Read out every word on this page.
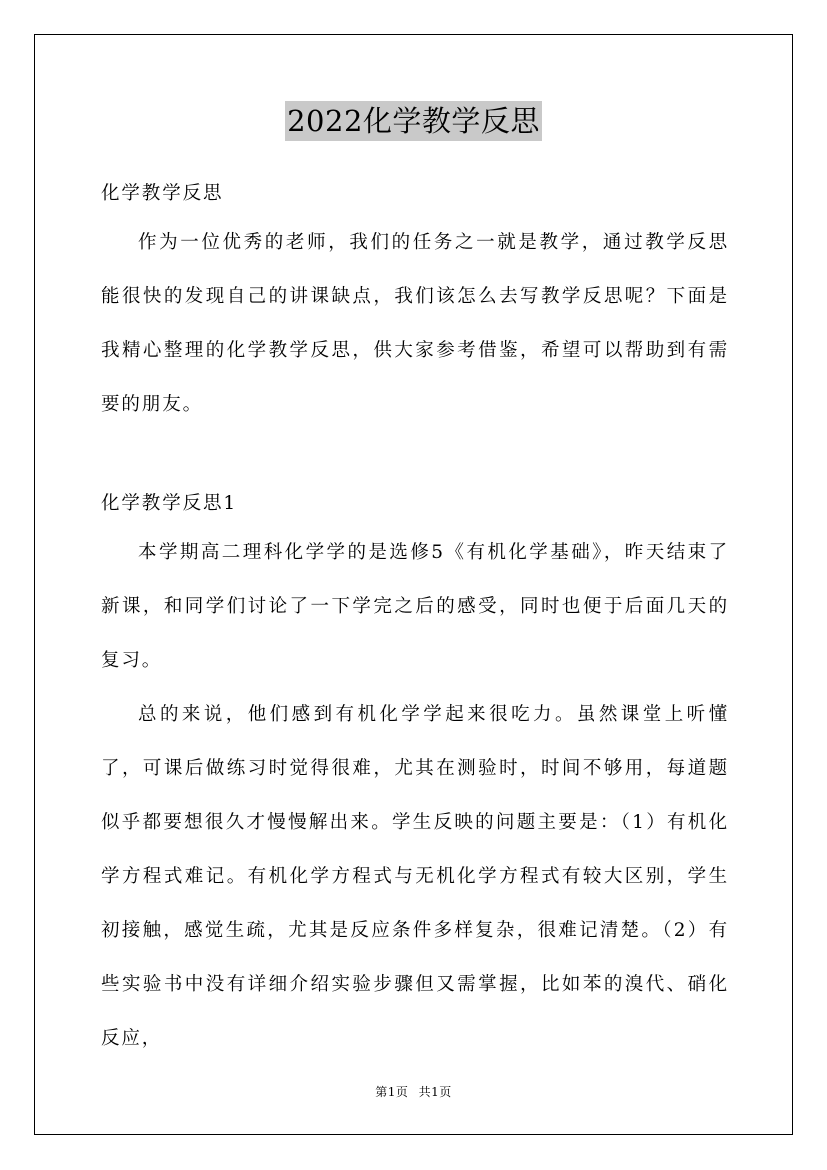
2022化学教学反思

化学教学反思

作为一位优秀的老师，我们的任务之一就是教学，通过教学反思能很快的发现自己的讲课缺点，我们该怎么去写教学反思呢？下面是我精心整理的化学教学反思，供大家参考借鉴，希望可以帮助到有需要的朋友。

化学教学反思1

本学期高二理科化学学的是选修5《有机化学基础》，昨天结束了新课，和同学们讨论了一下学完之后的感受，同时也便于后面几天的复习。

总的来说，他们感到有机化学学起来很吃力。虽然课堂上听懂了，可课后做练习时觉得很难，尤其在测验时，时间不够用，每道题似乎都要想很久才慢慢解出来。学生反映的问题主要是：（1）有机化学方程式难记。有机化学方程式与无机化学方程式有较大区别，学生初接触，感觉生疏，尤其是反应条件多样复杂，很难记清楚。（2）有些实验书中没有详细介绍实验步骤但又需掌握，比如苯的溴代、硝化反应，

第1页 共1页
